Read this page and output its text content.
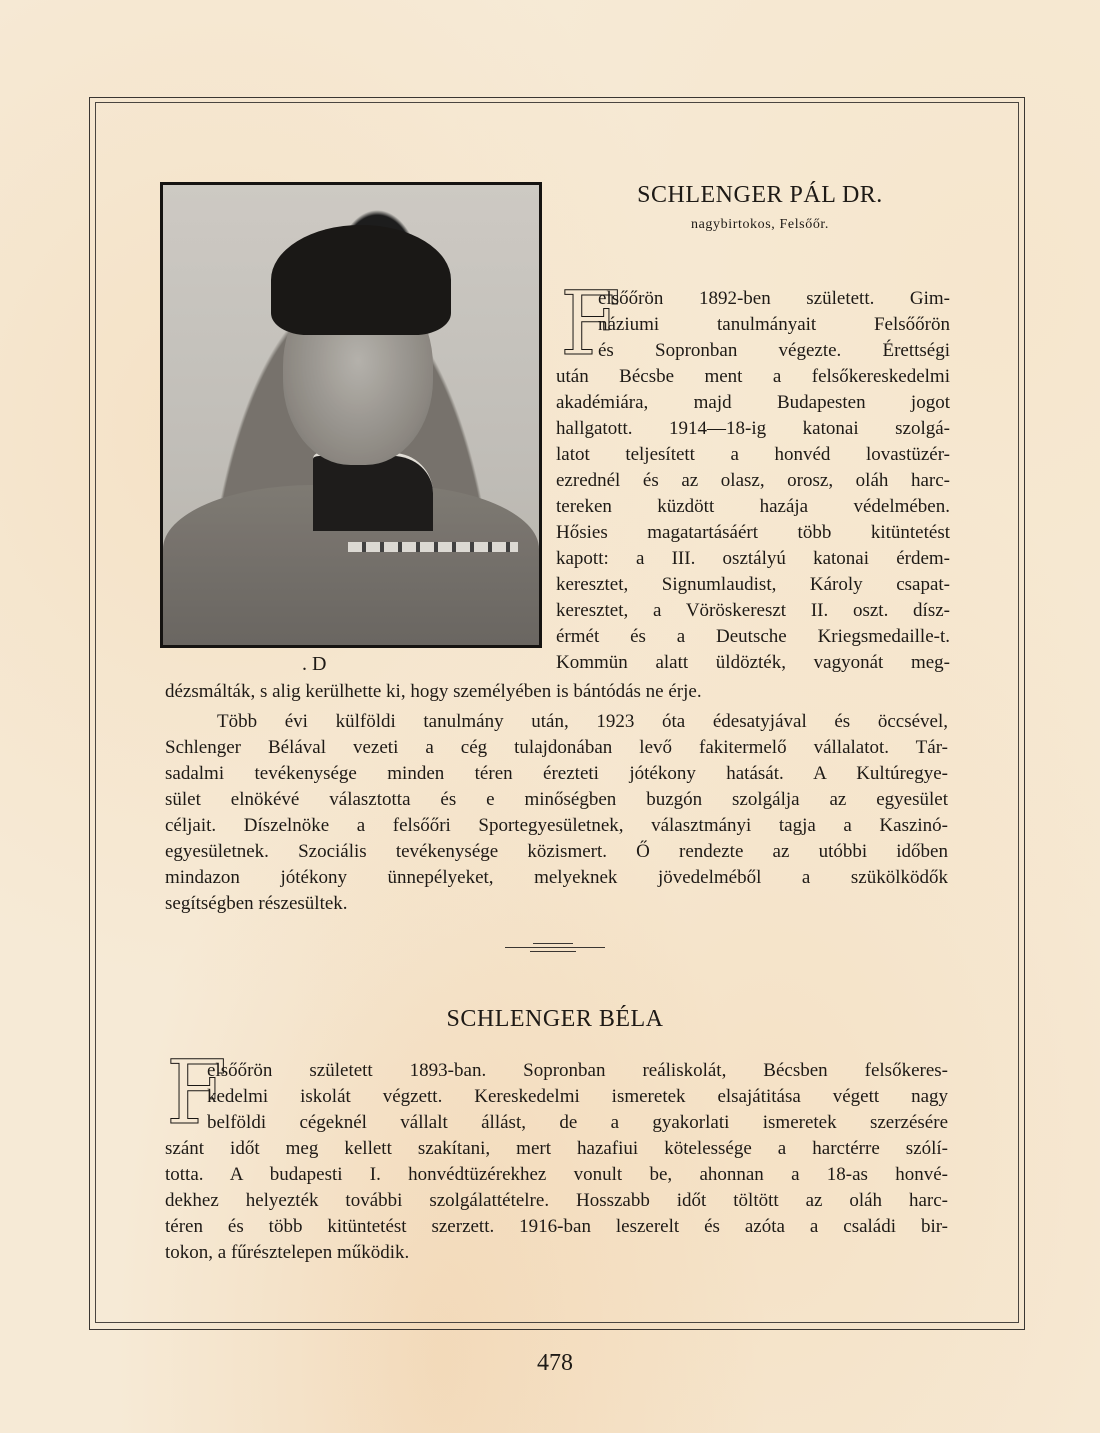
. D
SCHLENGER PÁL DR.
nagybirtokos, Felsőőr.
F
elsőőrön 1892-ben született. Gim-
náziumi tanulmányait Felsőőrön
és Sopronban végezte. Érettségi
után Bécsbe ment a felsőkereskedelmi
akadémiára, majd Budapesten jogot
hallgatott. 1914—18-ig katonai szolgá-
latot teljesített a honvéd lovastüzér-
ezrednél és az olasz, orosz, oláh harc-
tereken küzdött hazája védelmében.
Hősies magatartásáért több kitüntetést
kapott: a III. osztályú katonai érdem-
keresztet, Signumlaudist, Károly csapat-
keresztet, a Vöröskereszt II. oszt. dísz-
érmét és a Deutsche Kriegsmedaille-t.
Kommün alatt üldözték, vagyonát meg-
dézsmálták, s alig kerülhette ki, hogy személyében is bántódás ne érje.
Több évi külföldi tanulmány után, 1923 óta édesatyjával és öccsével,
Schlenger Bélával vezeti a cég tulajdonában levő fakitermelő vállalatot. Tár-
sadalmi tevékenysége minden téren érezteti jótékony hatását. A Kultúregye-
sület elnökévé választotta és e minőségben buzgón szolgálja az egyesület
céljait. Díszelnöke a felsőőri Sportegyesületnek, választmányi tagja a Kaszinó-
egyesületnek. Szociális tevékenysége közismert. Ő rendezte az utóbbi időben
mindazon jótékony ünnepélyeket, melyeknek jövedelméből a szükölködők
segítségben részesültek.
SCHLENGER BÉLA
F
elsőőrön született 1893-ban. Sopronban reáliskolát, Bécsben felsőkeres-
kedelmi iskolát végzett. Kereskedelmi ismeretek elsajátitása végett nagy
belföldi cégeknél vállalt állást, de a gyakorlati ismeretek szerzésére
szánt időt meg kellett szakítani, mert hazafiui kötelessége a harctérre szólí-
totta. A budapesti I. honvédtüzérekhez vonult be, ahonnan a 18-as honvé-
dekhez helyezték további szolgálattételre. Hosszabb időt töltött az oláh harc-
téren és több kitüntetést szerzett. 1916-ban leszerelt és azóta a családi bir-
tokon, a fűrésztelepen működik.
478
